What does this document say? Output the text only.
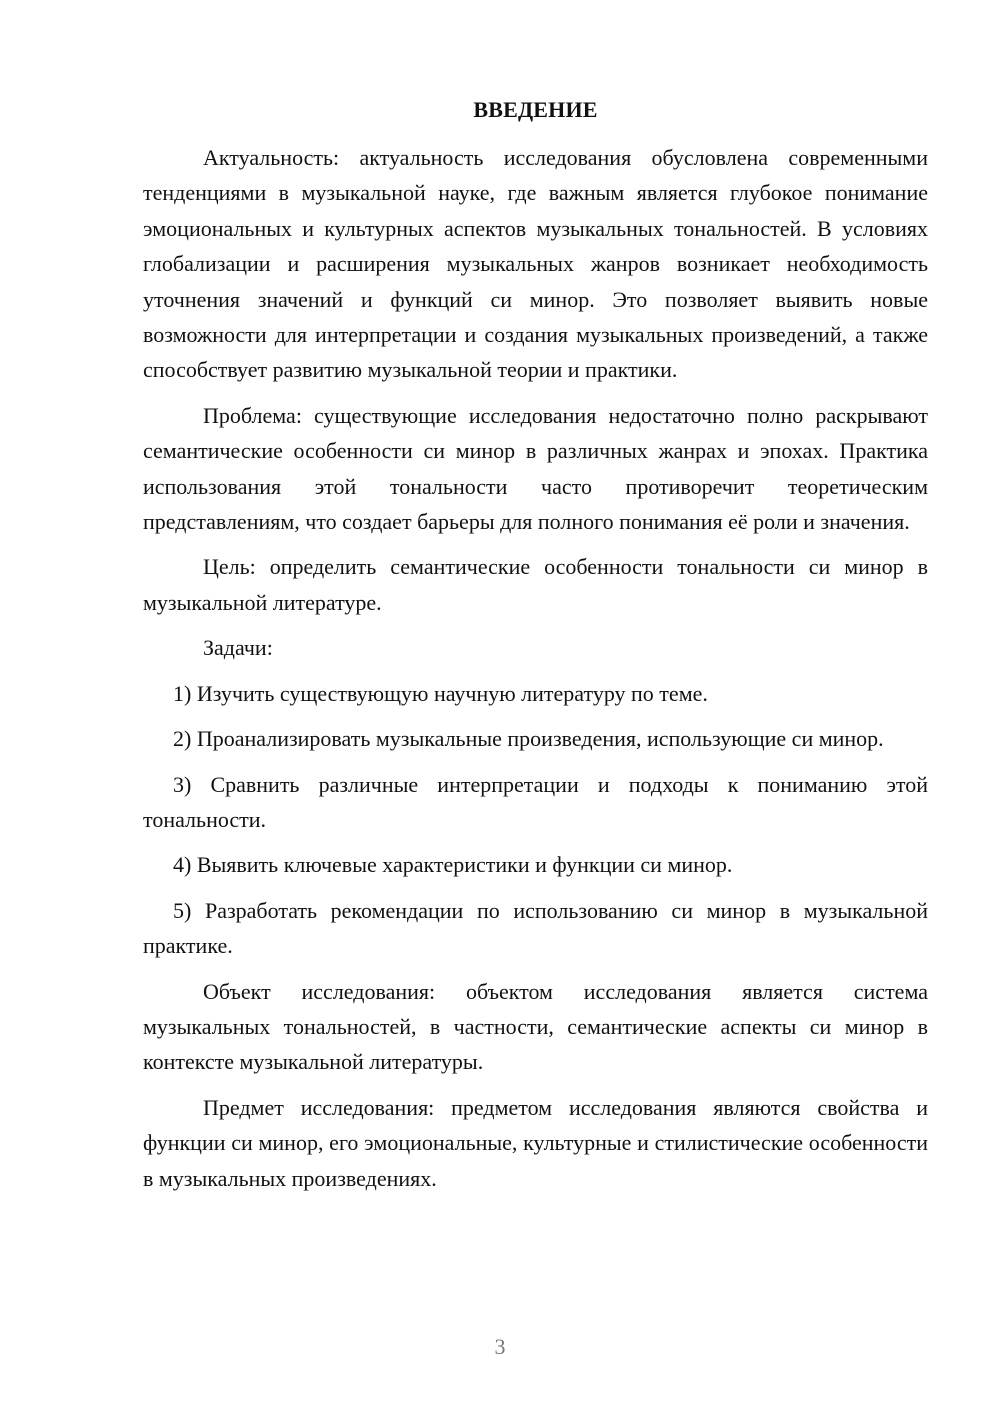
ВВЕДЕНИЕ
Актуальность: актуальность исследования обусловлена современными тенденциями в музыкальной науке, где важным является глубокое понимание эмоциональных и культурных аспектов музыкальных тональностей. В условиях глобализации и расширения музыкальных жанров возникает необходимость уточнения значений и функций си минор. Это позволяет выявить новые возможности для интерпретации и создания музыкальных произведений, а также способствует развитию музыкальной теории и практики.
Проблема: существующие исследования недостаточно полно раскрывают семантические особенности си минор в различных жанрах и эпохах. Практика использования этой тональности часто противоречит теоретическим представлениям, что создает барьеры для полного понимания её роли и значения.
Цель: определить семантические особенности тональности си минор в музыкальной литературе.
Задачи:
1) Изучить существующую научную литературу по теме.
2) Проанализировать музыкальные произведения, использующие си минор.
3) Сравнить различные интерпретации и подходы к пониманию этой тональности.
4) Выявить ключевые характеристики и функции си минор.
5) Разработать рекомендации по использованию си минор в музыкальной практике.
Объект исследования: объектом исследования является система музыкальных тональностей, в частности, семантические аспекты си минор в контексте музыкальной литературы.
Предмет исследования: предметом исследования являются свойства и функции си минор, его эмоциональные, культурные и стилистические особенности в музыкальных произведениях.
3
